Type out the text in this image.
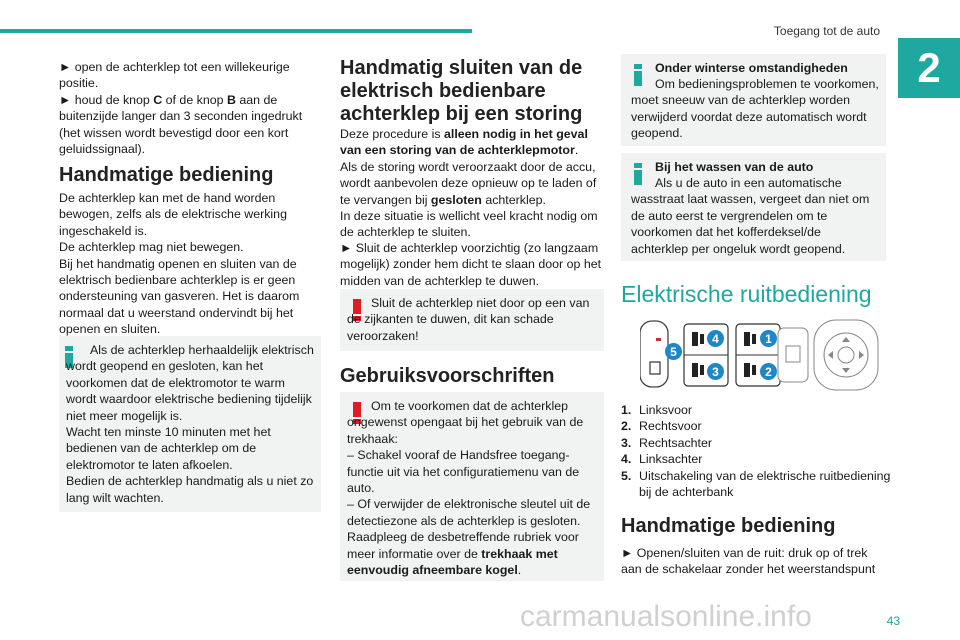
Toegang tot de auto
2

► open de achterklep tot een willekeurige positie.

► houd de knop C of de knop B aan de buitenzijde langer dan 3 seconden ingedrukt (het wissen wordt bevestigd door een kort geluidssignaal).

Handmatige bediening

De achterklep kan met de hand worden bewogen, zelfs als de elektrische werking ingeschakeld is.
De achterklep mag niet bewegen.
Bij het handmatig openen en sluiten van de elektrisch bedienbare achterklep is er geen ondersteuning van gasveren. Het is daarom normaal dat u weerstand ondervindt bij het openen en sluiten.

Als de achterklep herhaaldelijk elektrisch wordt geopend en gesloten, kan het voorkomen dat de elektromotor te warm wordt waardoor elektrische bediening tijdelijk niet meer mogelijk is.
Wacht ten minste 10 minuten met het bedienen van de achterklep om de elektromotor te laten afkoelen.
Bedien de achterklep handmatig als u niet zo lang wilt wachten.

Handmatig sluiten van de elektrisch bedienbare achterklep bij een storing

Deze procedure is alleen nodig in het geval van een storing van de achterklepmotor.

Als de storing wordt veroorzaakt door de accu, wordt aanbevolen deze opnieuw op te laden of te vervangen bij gesloten achterklep.

In deze situatie is wellicht veel kracht nodig om de achterklep te sluiten.

► Sluit de achterklep voorzichtig (zo langzaam mogelijk) zonder hem dicht te slaan door op het midden van de achterklep te duwen.

Sluit de achterklep niet door op een van de zijkanten te duwen, dit kan schade veroorzaken!

Gebruiksvoorschriften

Om te voorkomen dat de achterklep ongewenst opengaat bij het gebruik van de trekhaak:
– Schakel vooraf de Handsfree toegang-functie uit via het configuratiemenu van de auto.
– Of verwijder de elektronische sleutel uit de detectiezone als de achterklep is gesloten.
Raadpleeg de desbetreffende rubriek voor meer informatie over de trekhaak met eenvoudig afneembare kogel.

Onder winterse omstandigheden

Om bedieningsproblemen te voorkomen, moet sneeuw van de achterklep worden verwijderd voordat deze automatisch wordt geopend.

Bij het wassen van de auto

Als u de auto in een automatische wasstraat laat wassen, vergeet dan niet om de auto eerst te vergrendelen om te voorkomen dat het kofferdeksel/de achterklep per ongeluk wordt geopend.

Elektrische ruitbediening
5
4
3
1
2
1. Linksvoor
2. Rechtsvoor
3. Rechtsachter
4. Linksachter
5. Uitschakeling van de elektrische ruitbediening bij de achterbank
Handmatige bediening

► Openen/sluiten van de ruit: druk op of trek aan de schakelaar zonder het weerstandspunt

carmanualsonline.info	43
